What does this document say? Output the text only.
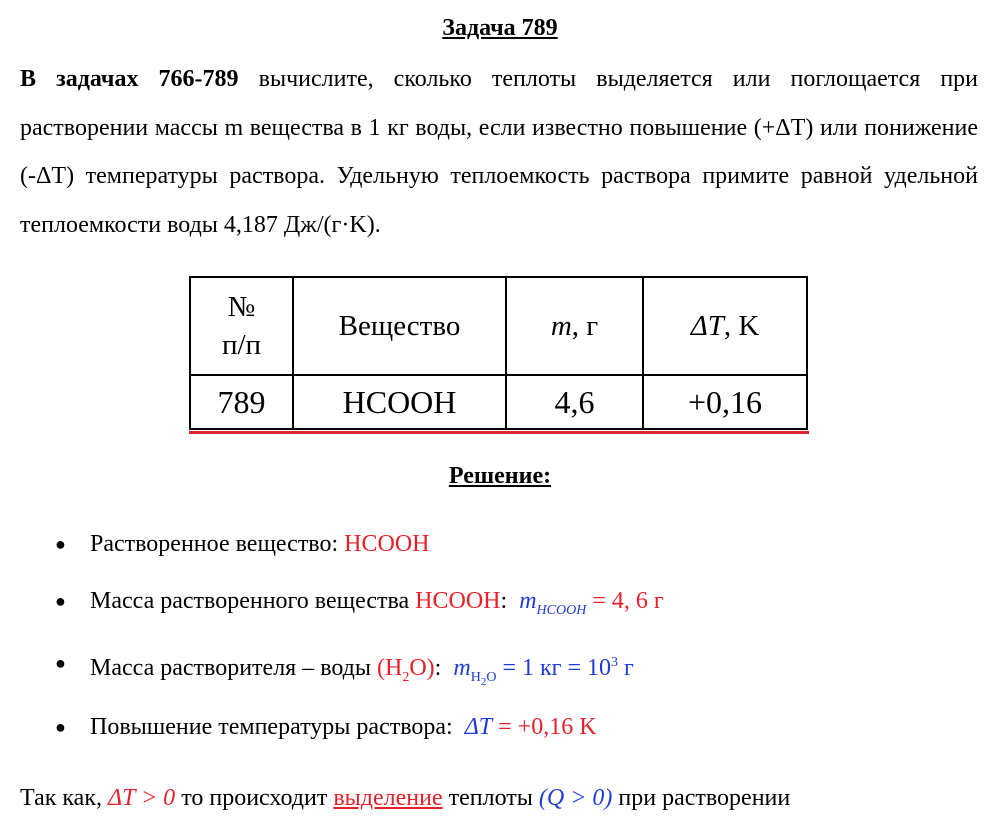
Задача 789

В задачах 766-789 вычислите, сколько теплоты выделяется или поглощается при растворении массы m вещества в 1 кг воды, если известно повышение (+ΔT) или понижение (-ΔT) температуры раствора. Удельную теплоемкость раствора примите равной удельной теплоемкости воды 4,187 Дж/(г·K).

№
п/п	Вещество	m, г	ΔT, K
789	HCOOH	4,6	+0,16
Решение:
● Растворенное вещество: HCOOH
● Масса растворенного вещества HCOOH: $m_{HCOOH} = 4$, 6 г
● Масса растворителя – воды $(H_2O)$: $m_{H_2O} = 1$ кг = $10^3$ г
● Повышение температуры раствора:  ΔT = +0,16 K
Так как, ΔT > 0 то происходит выделение теплоты (Q > 0) при растворении
